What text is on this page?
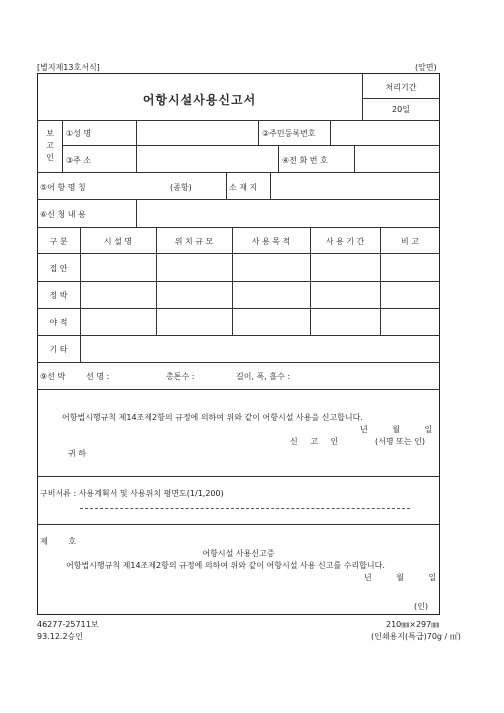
[별지제13호서식]	(앞면)
어항시설사용신고서
처리기간
20일
보 고 인
①성 명	②주민등록번호
③주 소	④전 화 번 호
⑤어 항 명 칭	(종항)	소 재 지
⑥신 청 내 용
구 분	시 설 명	위 치 규 모	사 용 목 적	사 용 기 간	비 고
접 안
정 박
야 적
기 타
⑨선 박	선 명 :	총톤수 :	길이, 폭, 흘수 :
어항법시행규칙 제14조제2항의 규정에 의하여 위와 같이 어항시설 사용을 신고합니다.
년 월 일
신 고 인	(서명 또는 인)
귀 하
구비서류 : 사용계획서 및 사용위치 평면도(1/1,200)
제 호
어항시설 사용신고증
어항법시행규칙 제14조제2항의 규정에 의하여 위와 같이 어항시설 사용 신고를 수리합니다.
년 월 일
(인)
46277-25711보
93.12.2승인
210㎜×297㎜
(인쇄용지(특급)70g / ㎡)
